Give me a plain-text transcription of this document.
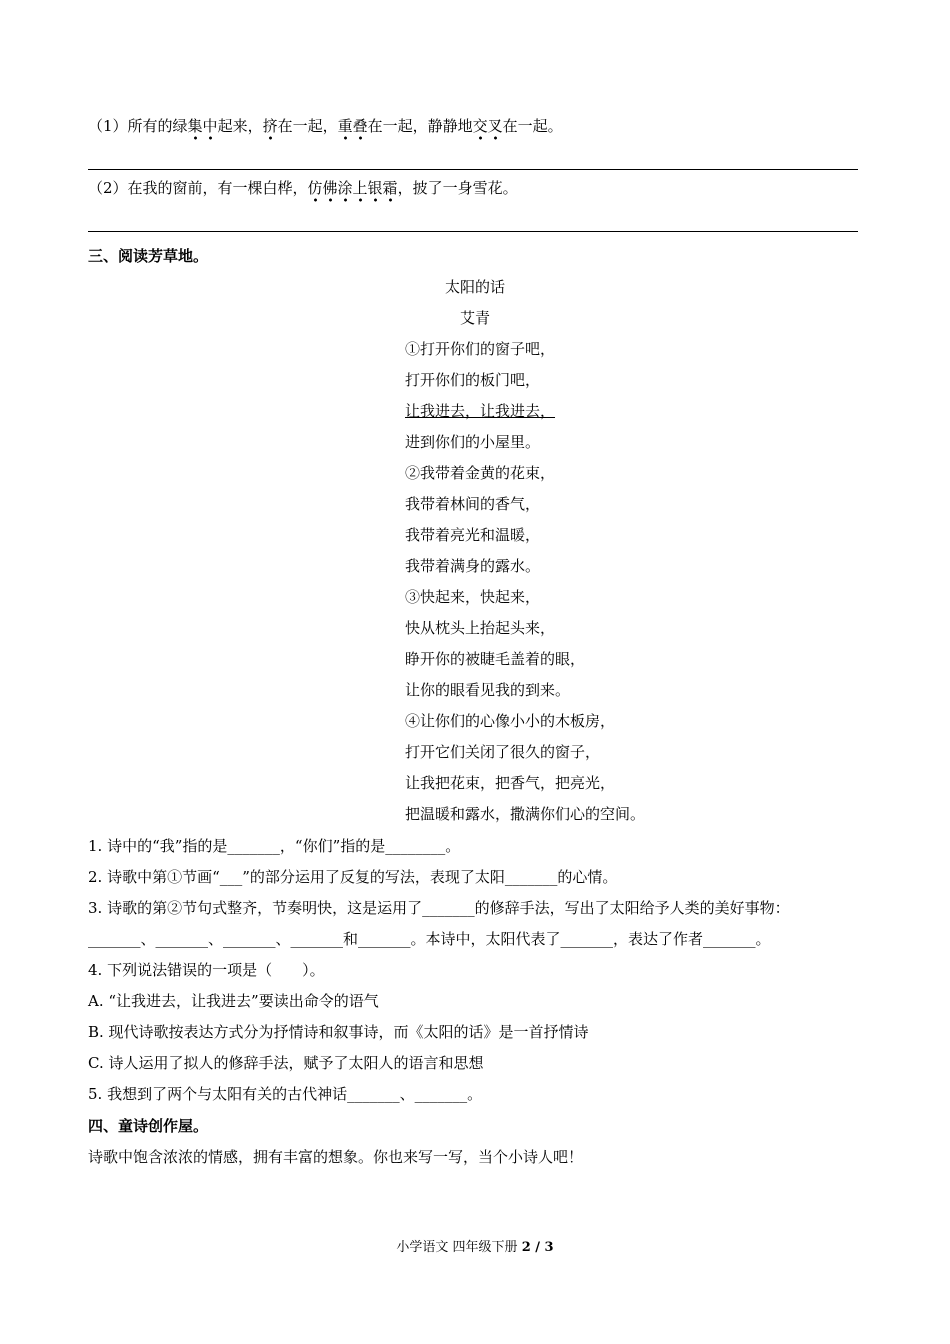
（1）所有的绿集中起来，挤在一起，重叠在一起，静静地交叉在一起。
（2）在我的窗前，有一棵白桦，仿佛涂上银霜，披了一身雪花。
三、阅读芳草地。
太阳的话
艾青
①打开你们的窗子吧，
打开你们的板门吧，
让我进去，让我进去，
进到你们的小屋里。
②我带着金黄的花束，
我带着林间的香气，
我带着亮光和温暖，
我带着满身的露水。
③快起来，快起来，
快从枕头上抬起头来，
睁开你的被睫毛盖着的眼，
让你的眼看见我的到来。
④让你们的心像小小的木板房，
打开它们关闭了很久的窗子，
让我把花束，把香气，把亮光，
把温暖和露水，撒满你们心的空间。
1. 诗中的“我”指的是_______，“你们”指的是________。
2. 诗歌中第①节画“___”的部分运用了反复的写法，表现了太阳_______的心情。
3. 诗歌的第②节句式整齐，节奏明快，这是运用了_______的修辞手法，写出了太阳给予人类的美好事物：
_______、_______、_______、_______和_______。本诗中，太阳代表了_______，表达了作者_______。
4. 下列说法错误的一项是（　　）。
A. “让我进去，让我进去”要读出命令的语气
B. 现代诗歌按表达方式分为抒情诗和叙事诗，而《太阳的话》是一首抒情诗
C. 诗人运用了拟人的修辞手法，赋予了太阳人的语言和思想
5. 我想到了两个与太阳有关的古代神话_______、_______。
四、童诗创作屋。
诗歌中饱含浓浓的情感，拥有丰富的想象。你也来写一写，当个小诗人吧！
小学语文 四年级下册 2 / 3
